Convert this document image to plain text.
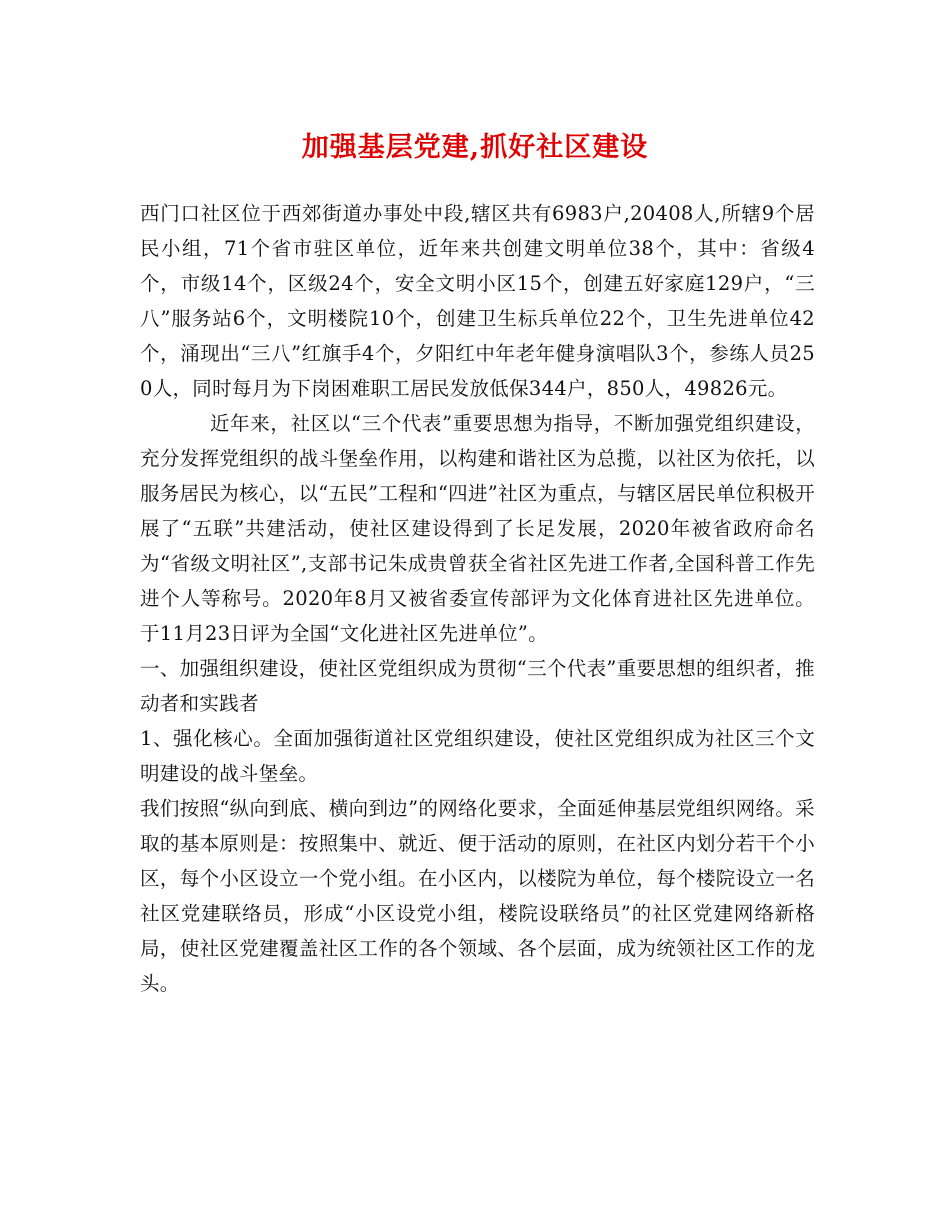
加强基层党建,抓好社区建设

西门口社区位于西郊街道办事处中段,辖区共有6983户,20408人,所辖9个居民小组，71个省市驻区单位，近年来共创建文明单位38个，其中：省级4个，市级14个，区级24个，安全文明小区15个，创建五好家庭129户，“三八”服务站6个，文明楼院10个，创建卫生标兵单位22个，卫生先进单位42个，涌现出“三八”红旗手4个，夕阳红中年老年健身演唱队3个，参练人员250人，同时每月为下岗困难职工居民发放低保344户，850人，49826元。

近年来，社区以“三个代表”重要思想为指导，不断加强党组织建设，充分发挥党组织的战斗堡垒作用，以构建和谐社区为总揽，以社区为依托，以服务居民为核心，以“五民”工程和“四进”社区为重点，与辖区居民单位积极开展了“五联”共建活动，使社区建设得到了长足发展，2020年被省政府命名为“省级文明社区”,支部书记朱成贵曾获全省社区先进工作者,全国科普工作先进个人等称号。2020年8月又被省委宣传部评为文化体育进社区先进单位。于11月23日评为全国“文化进社区先进单位”。

一、加强组织建设，使社区党组织成为贯彻“三个代表”重要思想的组织者，推动者和实践者

1、强化核心。全面加强街道社区党组织建设，使社区党组织成为社区三个文明建设的战斗堡垒。

我们按照“纵向到底、横向到边”的网络化要求，全面延伸基层党组织网络。采取的基本原则是：按照集中、就近、便于活动的原则，在社区内划分若干个小区，每个小区设立一个党小组。在小区内，以楼院为单位，每个楼院设立一名社区党建联络员，形成“小区设党小组，楼院设联络员”的社区党建网络新格局，使社区党建覆盖社区工作的各个领域、各个层面，成为统领社区工作的龙头。
